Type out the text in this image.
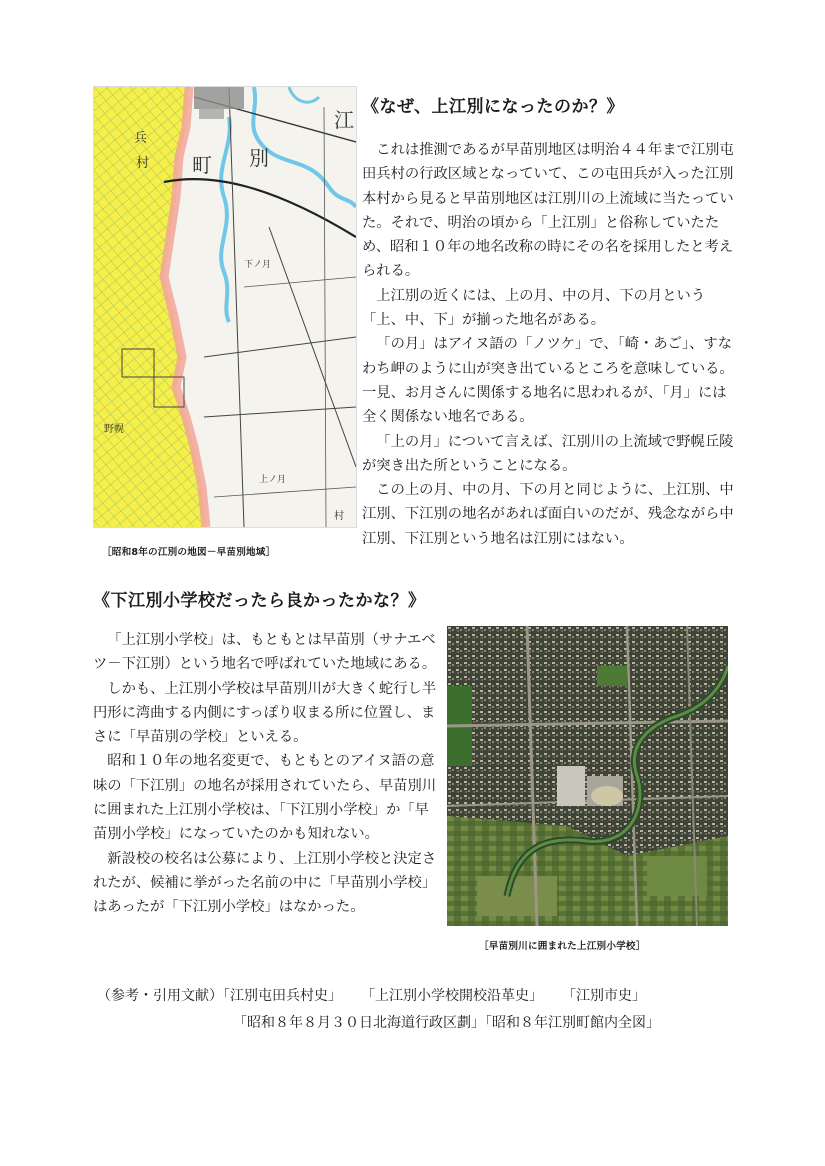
町 別
江
兵
村
野幌
下ノ月
上ノ月
村
［昭和8年の江別の地図－早苗別地域］
《なぜ、上江別になったのか？》

これは推測であるが早苗別地区は明治４４年まで江別屯田兵村の行政区域となっていて、この屯田兵が入った江別本村から見ると早苗別地区は江別川の上流域に当たっていた。それで、明治の頃から「上江別」と俗称していたため、昭和１０年の地名改称の時にその名を採用したと考えられる。

上江別の近くには、上の月、中の月、下の月という「上、中、下」が揃った地名がある。

「の月」はアイヌ語の「ノツケ」で、「崎・あご」、すなわち岬のように山が突き出ているところを意味している。一見、お月さんに関係する地名に思われるが、「月」には全く関係ない地名である。

「上の月」について言えば、江別川の上流域で野幌丘陵が突き出た所ということになる。

この上の月、中の月、下の月と同じように、上江別、中江別、下江別の地名があれば面白いのだが、残念ながら中江別、下江別という地名は江別にはない。

《下江別小学校だったら良かったかな？》

「上江別小学校」は、もともとは早苗別（サナエベツ－下江別）という地名で呼ばれていた地域にある。

しかも、上江別小学校は早苗別川が大きく蛇行し半円形に湾曲する内側にすっぽり収まる所に位置し、まさに「早苗別の学校」といえる。

昭和１０年の地名変更で、もともとのアイヌ語の意味の「下江別」の地名が採用されていたら、早苗別川に囲まれた上江別小学校は、「下江別小学校」か「早苗別小学校」になっていたのかも知れない。

新設校の校名は公募により、上江別小学校と決定されたが、候補に挙がった名前の中に「早苗別小学校」はあったが「下江別小学校」はなかった。

［早苗別川に囲まれた上江別小学校］
（参考・引用文献）「江別屯田兵村史」 「上江別小学校開校沿革史」 「江別市史」
「昭和８年８月３０日北海道行政区劃」「昭和８年江別町館内全図」
